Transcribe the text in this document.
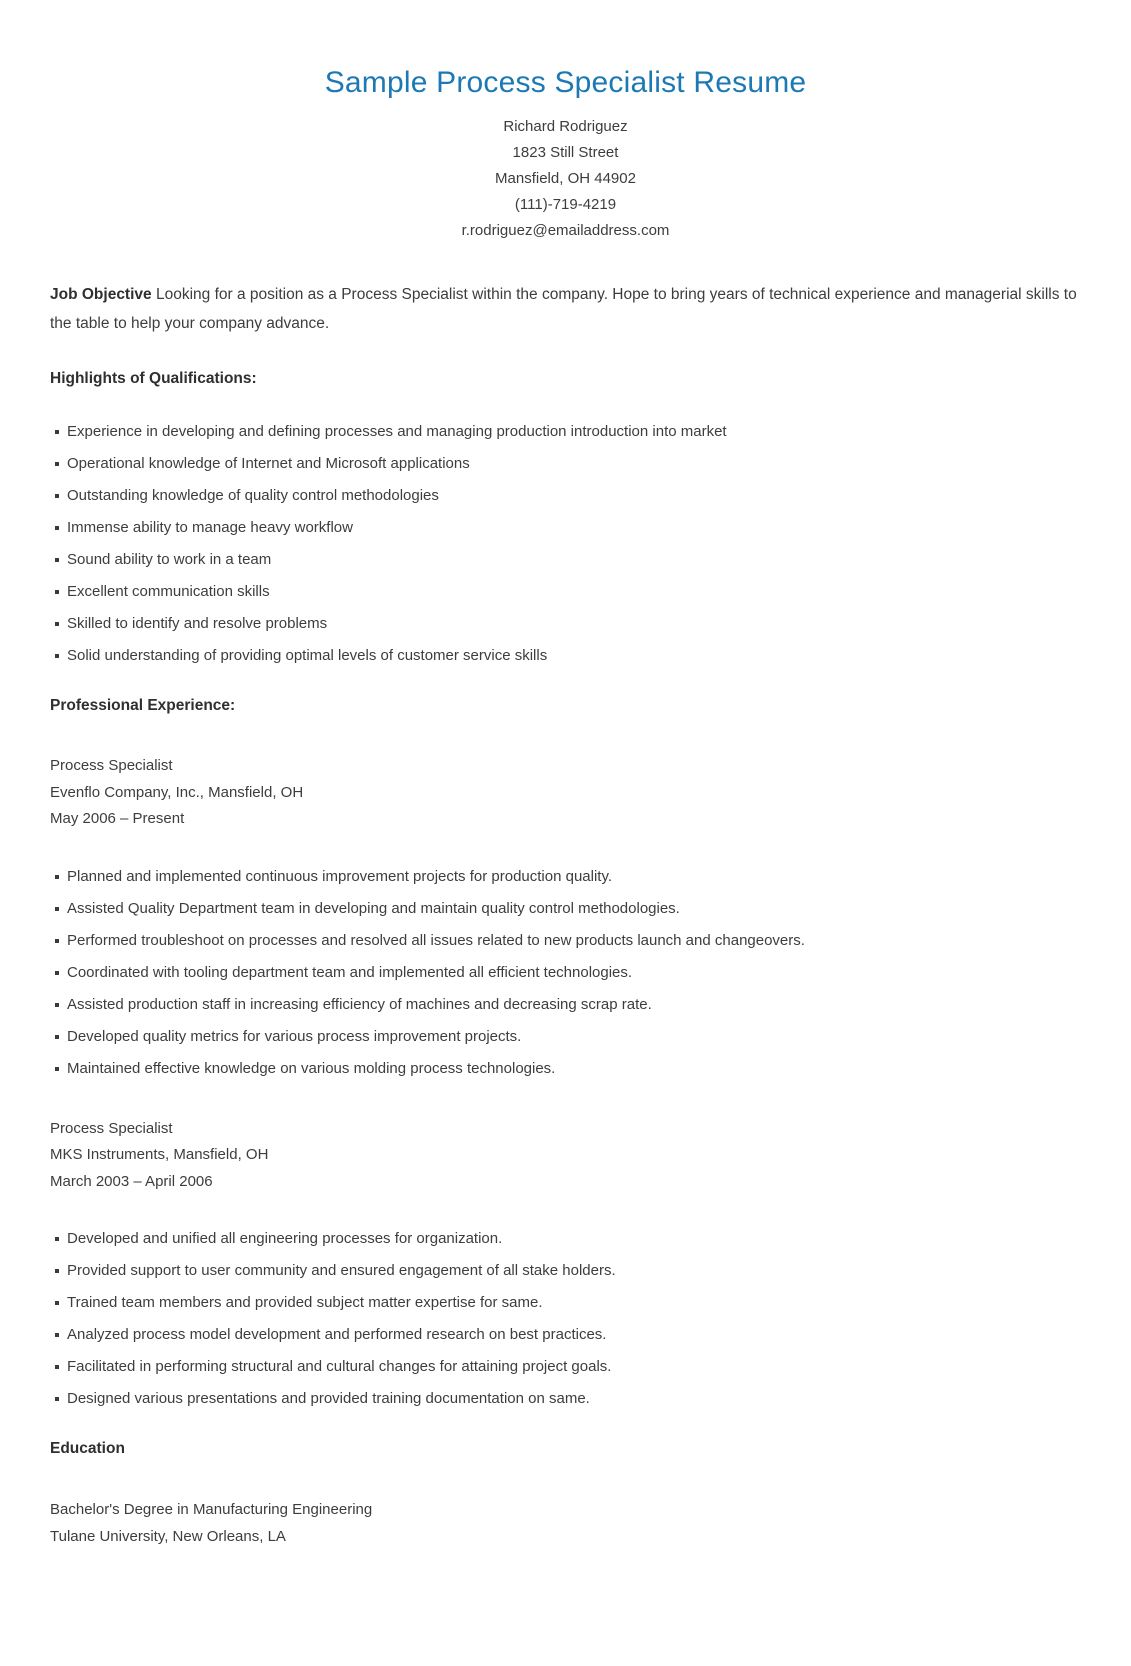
Sample Process Specialist Resume
Richard Rodriguez
1823 Still Street
Mansfield, OH 44902
(111)-719-4219
r.rodriguez@emailaddress.com

Job Objective Looking for a position as a Process Specialist within the company. Hope to bring years of technical experience and managerial skills to the table to help your company advance.

Highlights of Qualifications:
Experience in developing and defining processes and managing production introduction into market
Operational knowledge of Internet and Microsoft applications
Outstanding knowledge of quality control methodologies
Immense ability to manage heavy workflow
Sound ability to work in a team
Excellent communication skills
Skilled to identify and resolve problems
Solid understanding of providing optimal levels of customer service skills
Professional Experience:
Process Specialist
Evenflo Company, Inc., Mansfield, OH
May 2006 – Present
Planned and implemented continuous improvement projects for production quality.
Assisted Quality Department team in developing and maintain quality control methodologies.
Performed troubleshoot on processes and resolved all issues related to new products launch and changeovers.
Coordinated with tooling department team and implemented all efficient technologies.
Assisted production staff in increasing efficiency of machines and decreasing scrap rate.
Developed quality metrics for various process improvement projects.
Maintained effective knowledge on various molding process technologies.
Process Specialist
MKS Instruments, Mansfield, OH
March 2003 – April 2006
Developed and unified all engineering processes for organization.
Provided support to user community and ensured engagement of all stake holders.
Trained team members and provided subject matter expertise for same.
Analyzed process model development and performed research on best practices.
Facilitated in performing structural and cultural changes for attaining project goals.
Designed various presentations and provided training documentation on same.
Education
Bachelor's Degree in Manufacturing Engineering
Tulane University, New Orleans, LA
